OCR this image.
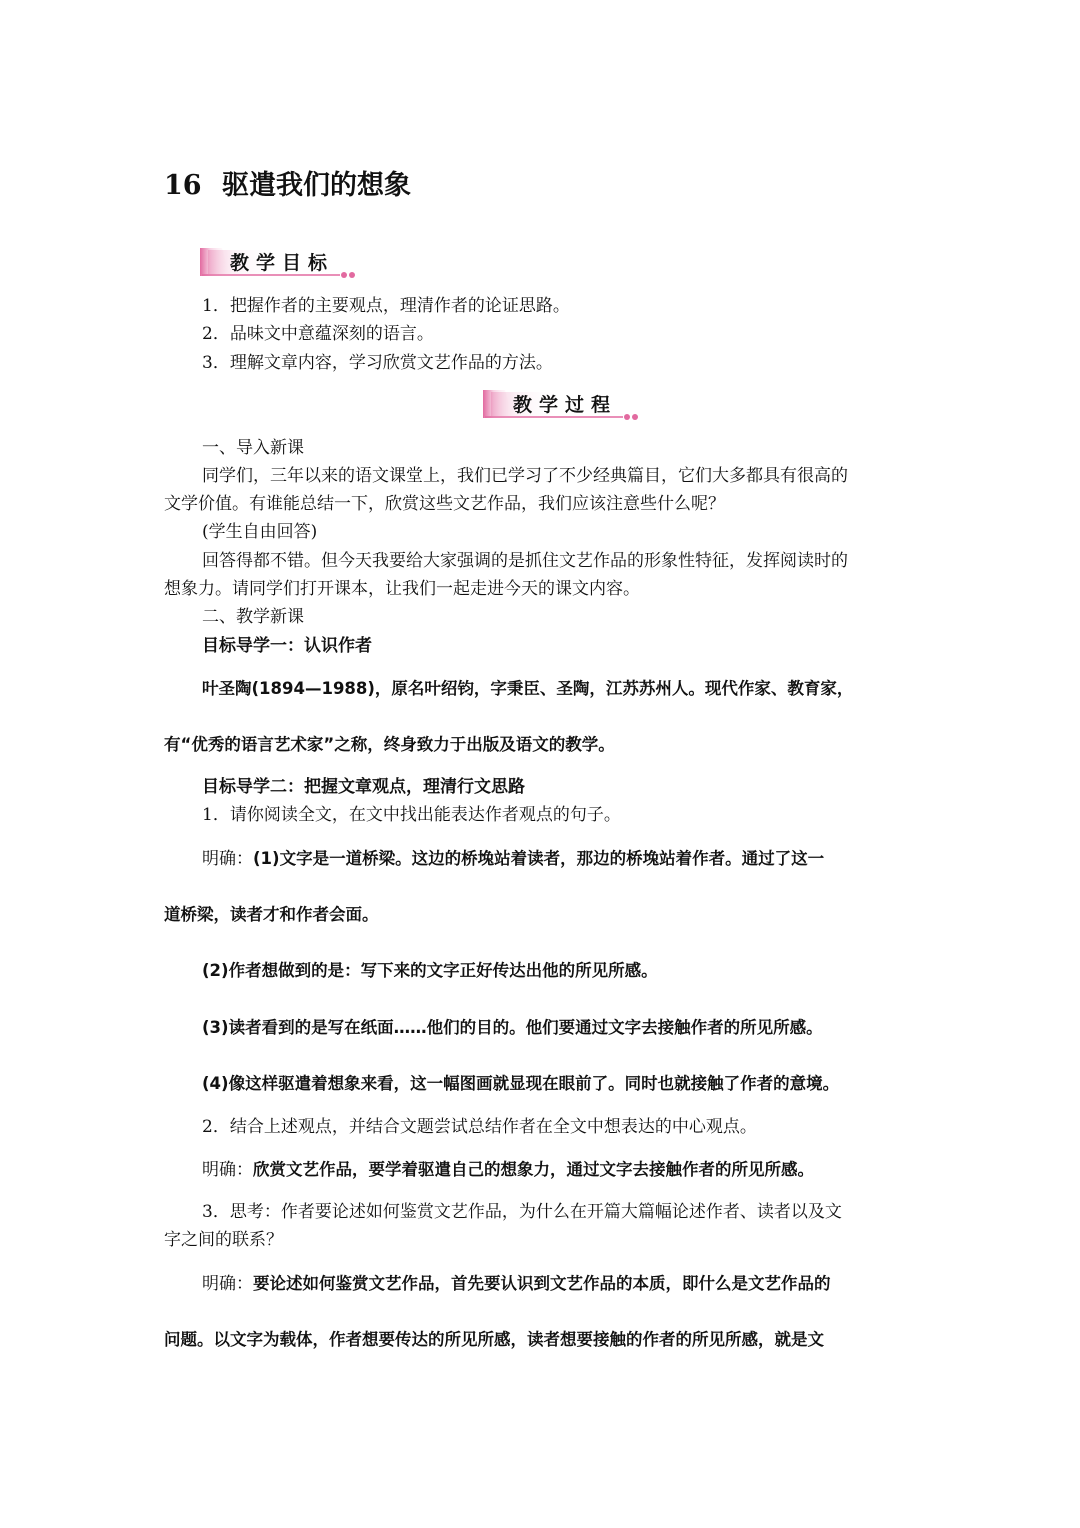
16 驱遣我们的想象
教学目标
1．把握作者的主要观点，理清作者的论证思路。
2．品味文中意蕴深刻的语言。
3．理解文章内容，学习欣赏文艺作品的方法。
教学过程
一、导入新课
同学们，三年以来的语文课堂上，我们已学习了不少经典篇目，它们大多都具有很高的
文学价值。有谁能总结一下，欣赏这些文艺作品，我们应该注意些什么呢？
(学生自由回答)
回答得都不错。但今天我要给大家强调的是抓住文艺作品的形象性特征，发挥阅读时的
想象力。请同学们打开课本，让我们一起走进今天的课文内容。
二、教学新课
目标导学一：认识作者
叶圣陶(1894—1988)，原名叶绍钧，字秉臣、圣陶，江苏苏州人。现代作家、教育家，
有“优秀的语言艺术家”之称，终身致力于出版及语文的教学。
目标导学二：把握文章观点，理清行文思路
1．请你阅读全文，在文中找出能表达作者观点的句子。
明确：(1)文字是一道桥梁。这边的桥堍站着读者，那边的桥堍站着作者。通过了这一
道桥梁，读者才和作者会面。
(2)作者想做到的是：写下来的文字正好传达出他的所见所感。
(3)读者看到的是写在纸面……他们的目的。他们要通过文字去接触作者的所见所感。
(4)像这样驱遣着想象来看，这一幅图画就显现在眼前了。同时也就接触了作者的意境。
2．结合上述观点，并结合文题尝试总结作者在全文中想表达的中心观点。
明确：欣赏文艺作品，要学着驱遣自己的想象力，通过文字去接触作者的所见所感。
3．思考：作者要论述如何鉴赏文艺作品，为什么在开篇大篇幅论述作者、读者以及文
字之间的联系？
明确：要论述如何鉴赏文艺作品，首先要认识到文艺作品的本质，即什么是文艺作品的
问题。以文字为载体，作者想要传达的所见所感，读者想要接触的作者的所见所感，就是文
